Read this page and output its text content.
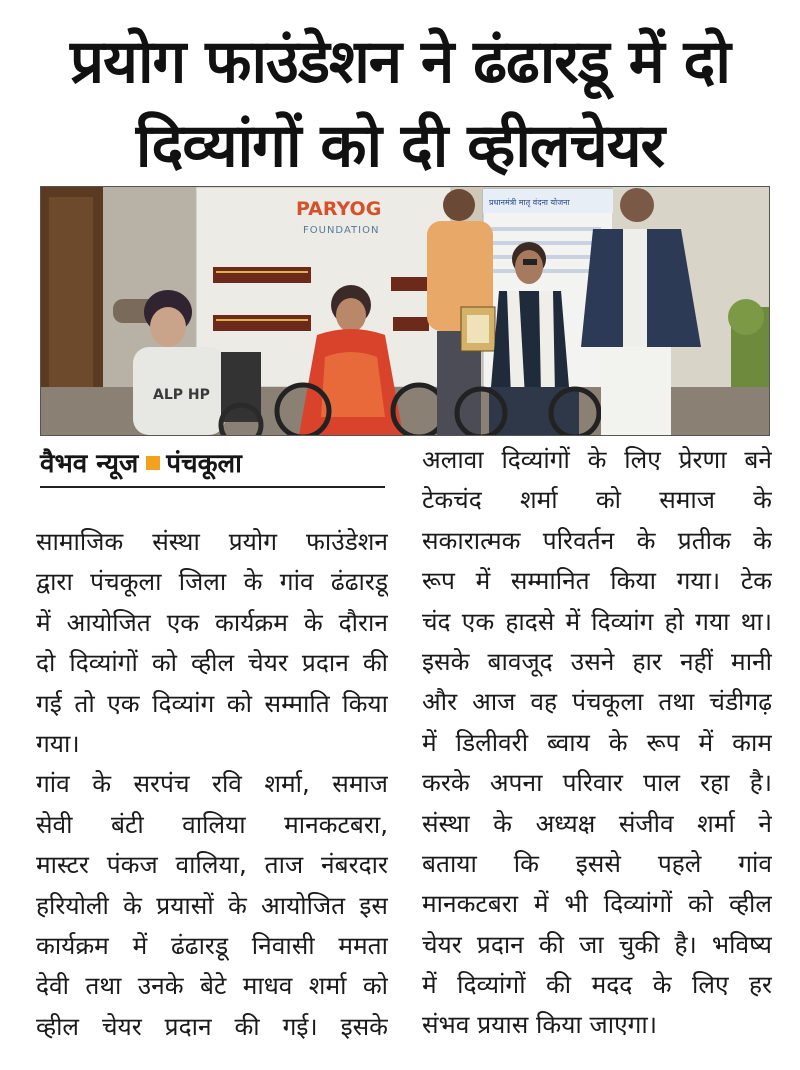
प्रयोग फाउंडेशन ने ढंढारडू में दो
दिव्यांगों को दी व्हीलचेयर
PARYOG
FOUNDATION
प्रधानमंत्री मातृ वंदना योजना
ALP HP
वैभव न्यूज पंचकूला
सामाजिक संस्था प्रयोग फाउंडेशन
द्वारा पंचकूला जिला के गांव ढंढारडू
में आयोजित एक कार्यक्रम के दौरान
दो दिव्यांगों को व्हील चेयर प्रदान की
गई तो एक दिव्यांग को सम्माति किया
गया।
गांव के सरपंच रवि शर्मा, समाज
सेवी बंटी वालिया मानकटबरा,
मास्टर पंकज वालिया, ताज नंबरदार
हरियोली के प्रयासों के आयोजित इस
कार्यक्रम में ढंढारडू निवासी ममता
देवी तथा उनके बेटे माधव शर्मा को
व्हील चेयर प्रदान की गई। इसके
अलावा दिव्यांगों के लिए प्रेरणा बने
टेकचंद शर्मा को समाज के
सकारात्मक परिवर्तन के प्रतीक के
रूप में सम्मानित किया गया। टेक
चंद एक हादसे में दिव्यांग हो गया था।
इसके बावजूद उसने हार नहीं मानी
और आज वह पंचकूला तथा चंडीगढ़
में डिलीवरी ब्वाय के रूप में काम
करके अपना परिवार पाल रहा है।
संस्था के अध्यक्ष संजीव शर्मा ने
बताया कि इससे पहले गांव
मानकटबरा में भी दिव्यांगों को व्हील
चेयर प्रदान की जा चुकी है। भविष्य
में दिव्यांगों की मदद के लिए हर
संभव प्रयास किया जाएगा।
